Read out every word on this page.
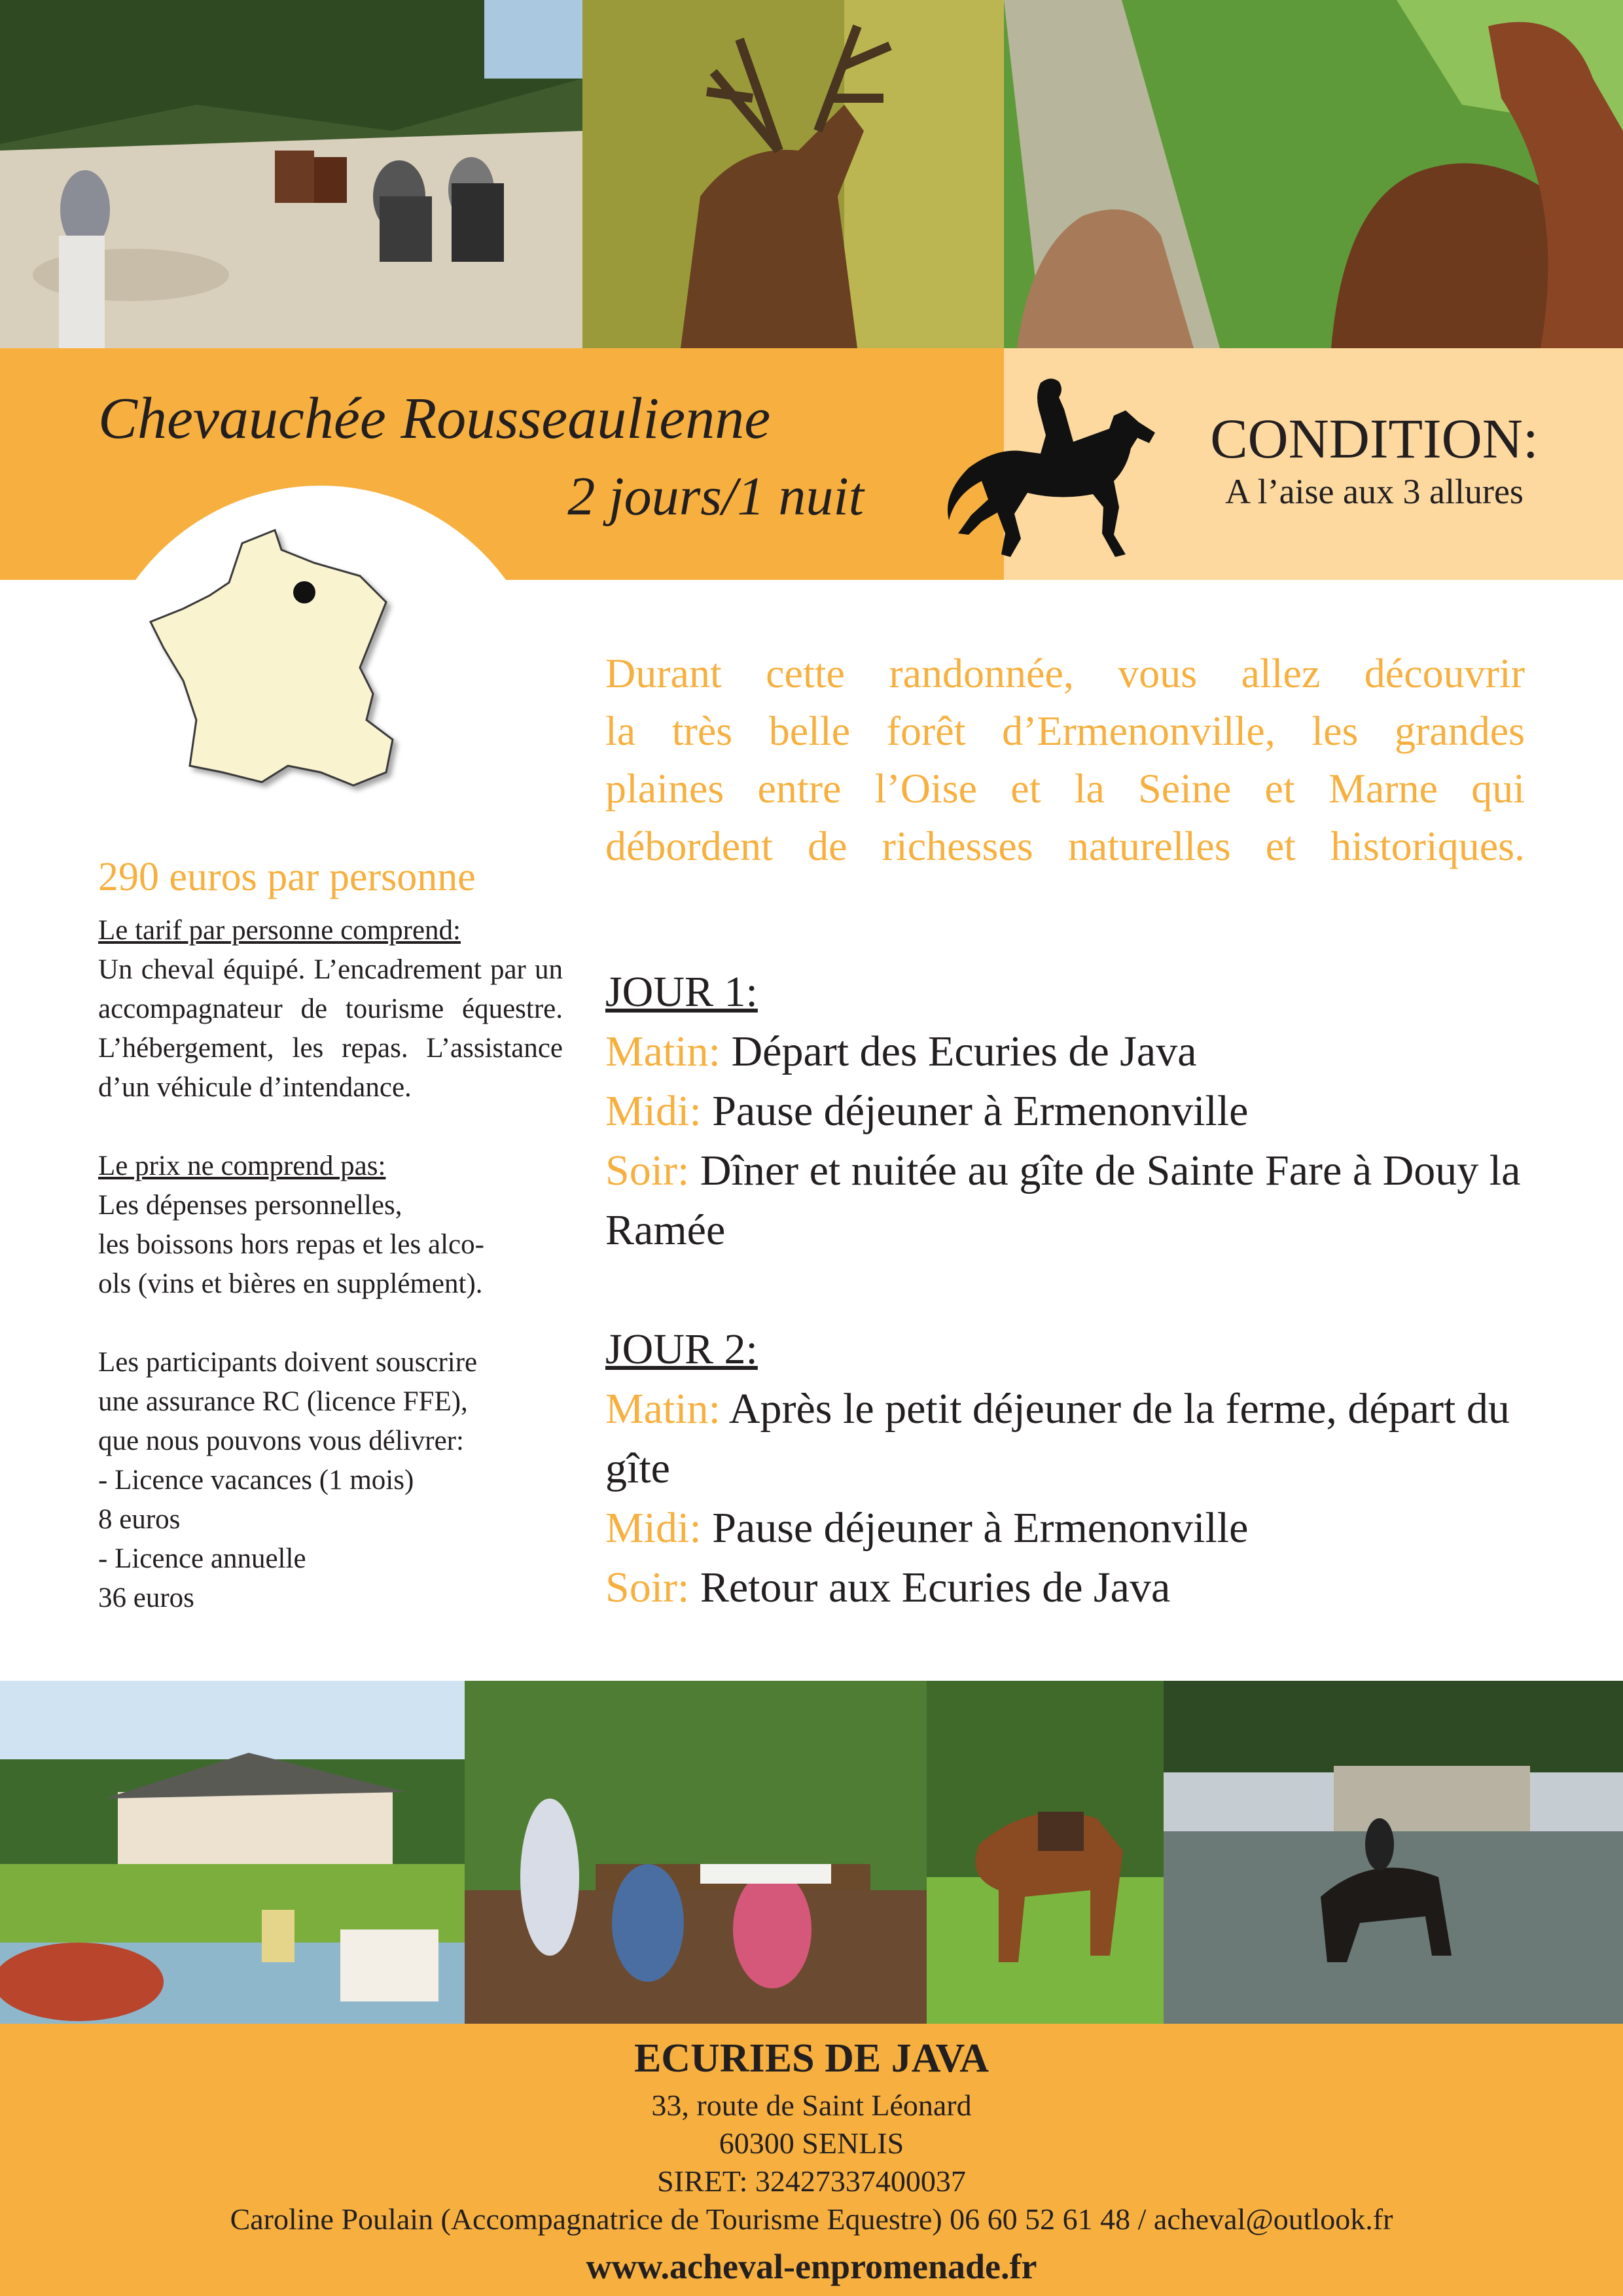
Chevauchée Rousseaulienne
2 jours/1 nuit
CONDITION:
A l’aise aux 3 allures
Durant cette randonnée, vous allez découvrir
la très belle forêt d’Ermenonville, les grandes
plaines entre l’Oise et la Seine et Marne qui
débordent de richesses naturelles et historiques.
290 euros par personne

Le tarif par personne comprend:

Un cheval équipé. L’encadrement par un accompagnateur de tourisme équestre. L’hébergement, les repas. L’assistance d’un véhicule d’intendance.

Le prix ne comprend pas:

Les dépenses personnelles,

les boissons hors repas et les alco-

ols (vins et bières en supplément).

Les participants doivent souscrire

une assurance RC (licence FFE),

que nous pouvons vous délivrer:

- Licence vacances (1 mois)

8 euros

- Licence annuelle

36 euros

JOUR 1:

Matin: Départ des Ecuries de Java

Midi: Pause déjeuner à Ermenonville

Soir: Dîner et nuitée au gîte de Sainte Fare à Douy la Ramée

JOUR 2:

Matin: Après le petit déjeuner de la ferme, départ du gîte

Midi: Pause déjeuner à Ermenonville

Soir: Retour aux Ecuries de Java

ECURIES DE JAVA
33, route de Saint Léonard
60300 SENLIS
SIRET: 32427337400037
Caroline Poulain (Accompagnatrice de Tourisme Equestre) 06 60 52 61 48 / acheval@outlook.fr
www.acheval-enpromenade.fr
